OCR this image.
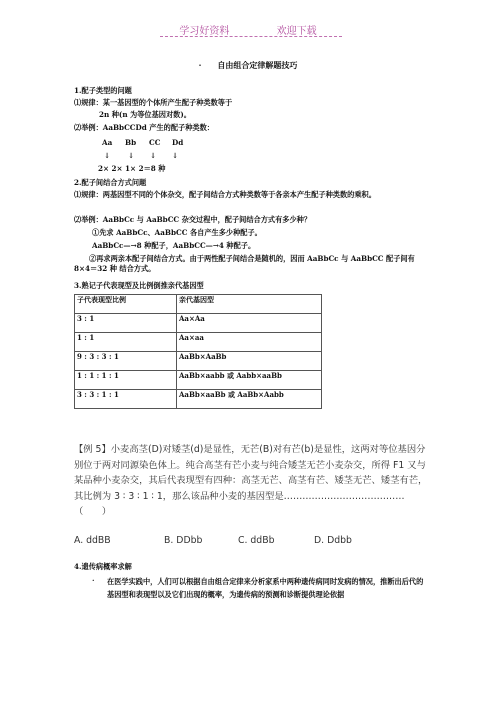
学习好资料	欢迎下载
·　　自由组合定律解题技巧
1.配子类型的问题
⑴规律：某一基因型的个体所产生配子种类数等于
2n 种(n 为等位基因对数)。
⑵举例：AaBbCCDd 产生的配子种类数：
Aa Bb CC Dd
↓ ↓ ↓ ↓
2× 2× 1× 2＝8 种
2.配子间结合方式问题
⑴规律：两基因型不同的个体杂交，配子间结合方式种类数等于各亲本产生配子种类数的乘积。
⑵举例：AaBbCc 与 AaBbCC 杂交过程中，配子间结合方式有多少种？
①先求 AaBbCc、AaBbCC 各自产生多少种配子。
AaBbCc—→8 种配子，AaBbCC—→4 种配子。
②再求两亲本配子间结合方式。由于两性配子间结合是随机的，因而 AaBbCc 与 AaBbCC 配子间有 8×4＝32 种 结合方式。
3.熟记子代表现型及比例倒推亲代基因型
子代表现型比例	亲代基因型
3 : 1	Aa×Aa
1 : 1	Aa×aa
9 : 3 : 3 : 1	AaBb×AaBb
1 : 1 : 1 : 1	AaBb×aabb 或 Aabb×aaBb
3 : 3 : 1 : 1	AaBb×aaBb 或 AaBb×Aabb
【例 5】小麦高茎(D)对矮茎(d)是显性，无芒(B)对有芒(b)是显性，这两对等位基因分别位于两对同源染色体上。纯合高茎有芒小麦与纯合矮茎无芒小麦杂交，所得 F1 又与某品种小麦杂交，其后代表现型有四种：高茎无芒、高茎有芒、矮茎无芒、矮茎有芒，其比例为 3 ∶ 3 ∶ 1 ∶ 1，那么该品种小麦的基因型是…………………………………（　　）
A. ddBB	B. DDbb	C. ddBb	D. Ddbb
4.遗传病概率求解
· 在医学实践中，人们可以根据自由组合定律来分析家系中两种遗传病同时发病的情况，推断出后代的基因型和表现型以及它们出现的概率，为遗传病的预测和诊断提供理论依据
